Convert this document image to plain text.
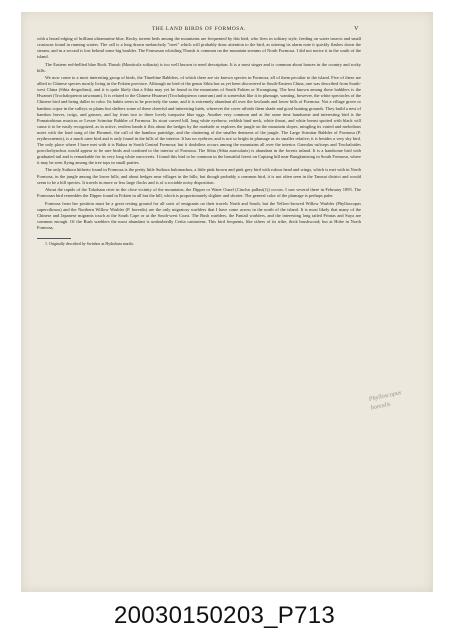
THE LAND BIRDS OF FORMOSA.	V

with a broad edging of brilliant ultramarine blue. Rocky torrent beds among the mountains are frequented by this bird, who lives in solitary style, feeding on water insects and small crustacea found in running waters. The call is a long drawn melancholy "tseet" which will probably draw attention to the bird, as uttering its alarm note it quickly flashes down the stream, and in a second is lost behind some big boulder. The Formosan whistling Thrush is common on the mountain streams of North Formosa. I did not notice it in the south of the island.

The Eastern red-bellied blue Rock Thrush (Monticola solitaria) is too well known to need description. It is a most singer and is common about houses in the country and rocky hills.

We now come to a most interesting group of birds, the Timeliine Babblers, of which there are six known species in Formosa, all of them peculiar to the island. Five of these are allied to Chinese species mostly living in the Fokien province. Although no bird of the genus Sibia has as yet been discovered in South-Eastern China, one was described from South-west China (Sibia desgodinsi), and it is quite likely that a Sibia may yet be found in the mountains of South Fokien or Kwangtung. The best known among these babblers is the Hwamei (Trochalopteron taiwanum). It is related to the Chinese Hwamei (Trochalopteron canorum) and is somewhat like it in plumage, wanting, however, the white spectacles of the Chinese bird and being duller in color. Its habits seem to be precisely the same, and it is extremely abundant all over the lowlands and lower hills of Formosa. Not a village grove or bamboo copse in the valleys or plains but shelters some of these cheerful and interesting birds, wherever the cover affords them shade and good hunting grounds. They build a nest of bamboo leaves, twigs, and grasses, and lay from two to three lovely turquoise blue eggs. Another very common and at the same time handsome and interesting bird is the Pomatorhinus musicus or Lesser Scimitar Babbler of Formosa. Its stout curved bill, long white eyebrow, reddish hind neck, white throat, and white breast spotted with black will cause it to be easily recognized, as in active, restless bands it flits about the hedges by the roadside or explores the jungle on the mountain slopes, mingling its varied and melodious notes with the loud song of the Hwamei, the call of the bamboo partridge, and the chattering of the smaller denizens of the jungle. The Large Scimitar Babbler of Formosa (P. erythrocnemis), is a much rarer bird and is only found in the hills of the interior. It has no eyebrow and is not so bright in plumage as its smaller relative; it is besides a very shy bird. The only place where I have met with it is Bakoa in South Central Formosa; but it doubtless occurs among the mountains all over the interior. Garrulax ruficeps and Trochaloides poecilorhynchus would appear to be rare birds and confined to the interior of Formosa. The Sibia (Sibia auricularis) is abundant in the forests inland. It is a handsome bird with graduated tail and is remarkable for its very long white earcoverts. I found this bird to be common in the beautiful forest on Capiang hill near Bungkimtsing in South Formosa, where it may be seen flying among the tree tops in small parties.

The only Suthora hitherto found in Formosa is the pretty little Suthora bulomachus, a little pink brown and pink grey bird with rufous head and wings, which is met with in North Formosa, in the jungle among the lower hills, and about hedges near villages in the hills; but though probably a common bird, it is not often seen in the Tamsui district and would seem to be a hill species. It travels in more or less large flocks and is of a sociable noisy disposition.

About the rapids of the Tokoham river in the close vicinity of the mountains, the Dipper or Water Ouzel (Cinclus pallasi(1)) occurs. I saw several there in February 1895. The Formosan bird resembles the Dipper found in Fokien in all but the bill, which is proportionately slighter and shorter. The general color of the plumage is perhaps paler.

Formosa from her position must be a great resting ground for all sorts of emigrants on their travels North and South, but the Yellow-browed Willow Warbler (Phylloscopus superciliosus) and the Northern Willow Warbler (P. borealis) are the only migratory warblers that I have come across in the north of the island. It is most likely that many of the Chinese and Japanese migrants touch at the South Cape or at the South-west Coast. The Bush warblers, the Fantail warblers, and the interesting long tailed Prinias and Suya are common enough. Of the Bush warblers the most abundant is undoubtedly Cettia canturiens. This bird frequents, like others of its tribe, thick brushwood; but at Hobe in North Formosa,

1. Originally described by Swinhoe as Hydrobata marila.

Phylloscopus
borealis
20030150203_P713
